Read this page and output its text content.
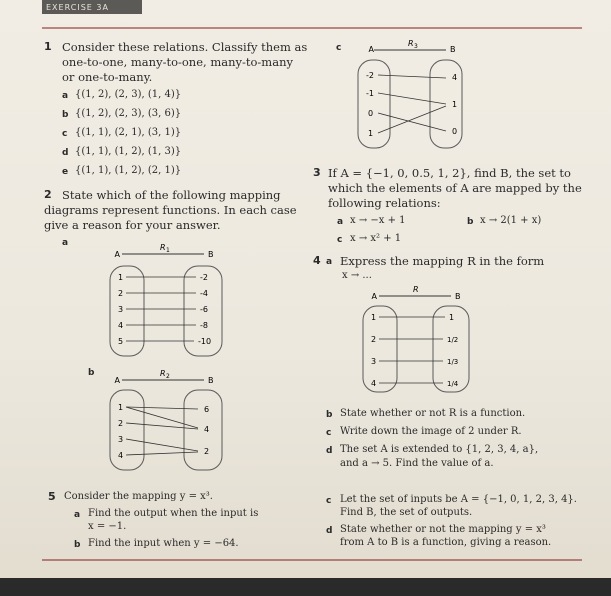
EXERCISE 3A
1 Consider these relations. Classify them as
one-to-one, many-to-one, many-to-many
or one-to-many.
a {(1, 2), (2, 3), (1, 4)}
b {(1, 2), (2, 3), (3, 6)}
c {(1, 1), (2, 1), (3, 1)}
d {(1, 1), (1, 2), (1, 3)}
e {(1, 1), (1, 2), (2, 1)}
c	A	B
R 3
-2
-1
0
1
4
1
0
2 State which of the following mapping
diagrams represent functions. In each case
give a reason for your answer.
a
A	B
R 1
1
2
3
4
5
-2
-4
-6
-8
-10
b
A	B
R 2
1
2
3
4
6
4
2
3 If A = {−1, 0, 0.5, 1, 2}, find B, the set to
which the elements of A are mapped by the
following relations:
a x → −x + 1	b x → 2(1 + x)
c x → x² + 1
4 a Express the mapping R in the form
x → ...
A	B
R
1
2
3
4
1
1/2
1/3
1/4
b State whether or not R is a function.
c Write down the image of 2 under R.
d The set A is extended to {1, 2, 3, 4, a},
and a → 5. Find the value of a.
5 Consider the mapping y = x³.
a Find the output when the input is
x = −1.
b Find the input when y = −64.
c Let the set of inputs be A = {−1, 0, 1, 2, 3, 4}.
Find B, the set of outputs.
d State whether or not the mapping y = x³
from A to B is a function, giving a reason.
